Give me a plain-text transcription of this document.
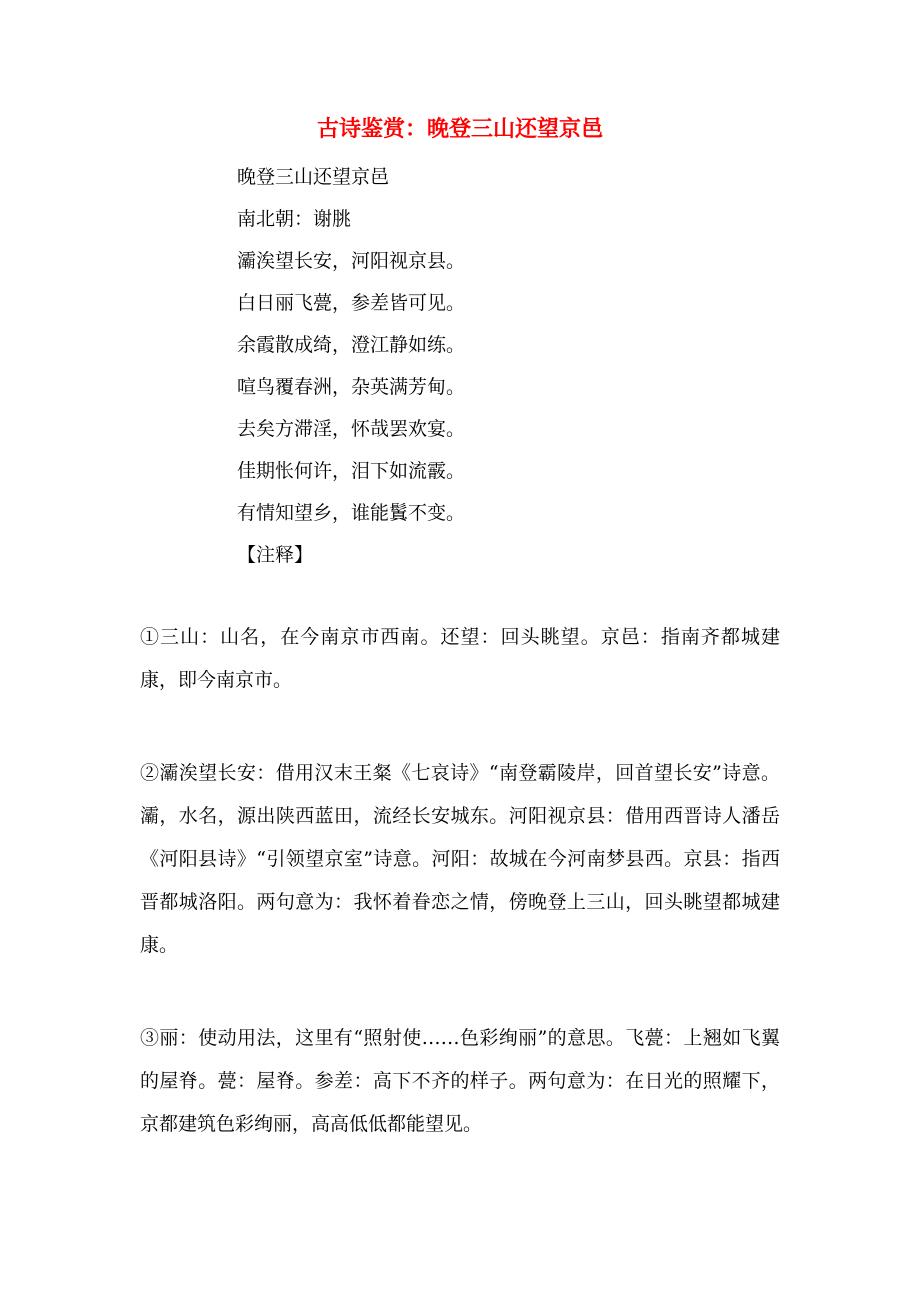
古诗鉴赏：晚登三山还望京邑
晚登三山还望京邑
南北朝：谢朓
灞涘望长安，河阳视京县。
白日丽飞甍，参差皆可见。
余霞散成绮，澄江静如练。
喧鸟覆春洲，杂英满芳甸。
去矣方滞淫，怀哉罢欢宴。
佳期怅何许，泪下如流霰。
有情知望乡，谁能鬒不变。
【注释】

①三山：山名，在今南京市西南。还望：回头眺望。京邑：指南齐都城建康，即今南京市。

②灞涘望长安：借用汉末王粲《七哀诗》“南登霸陵岸，回首望长安”诗意。灞，水名，源出陕西蓝田，流经长安城东。河阳视京县：借用西晋诗人潘岳《河阳县诗》“引领望京室”诗意。河阳：故城在今河南梦县西。京县：指西晋都城洛阳。两句意为：我怀着眷恋之情，傍晚登上三山，回头眺望都城建康。

③丽：使动用法，这里有“照射使……色彩绚丽”的意思。飞甍：上翘如飞翼的屋脊。甍：屋脊。参差：高下不齐的样子。两句意为：在日光的照耀下，京都建筑色彩绚丽，高高低低都能望见。
